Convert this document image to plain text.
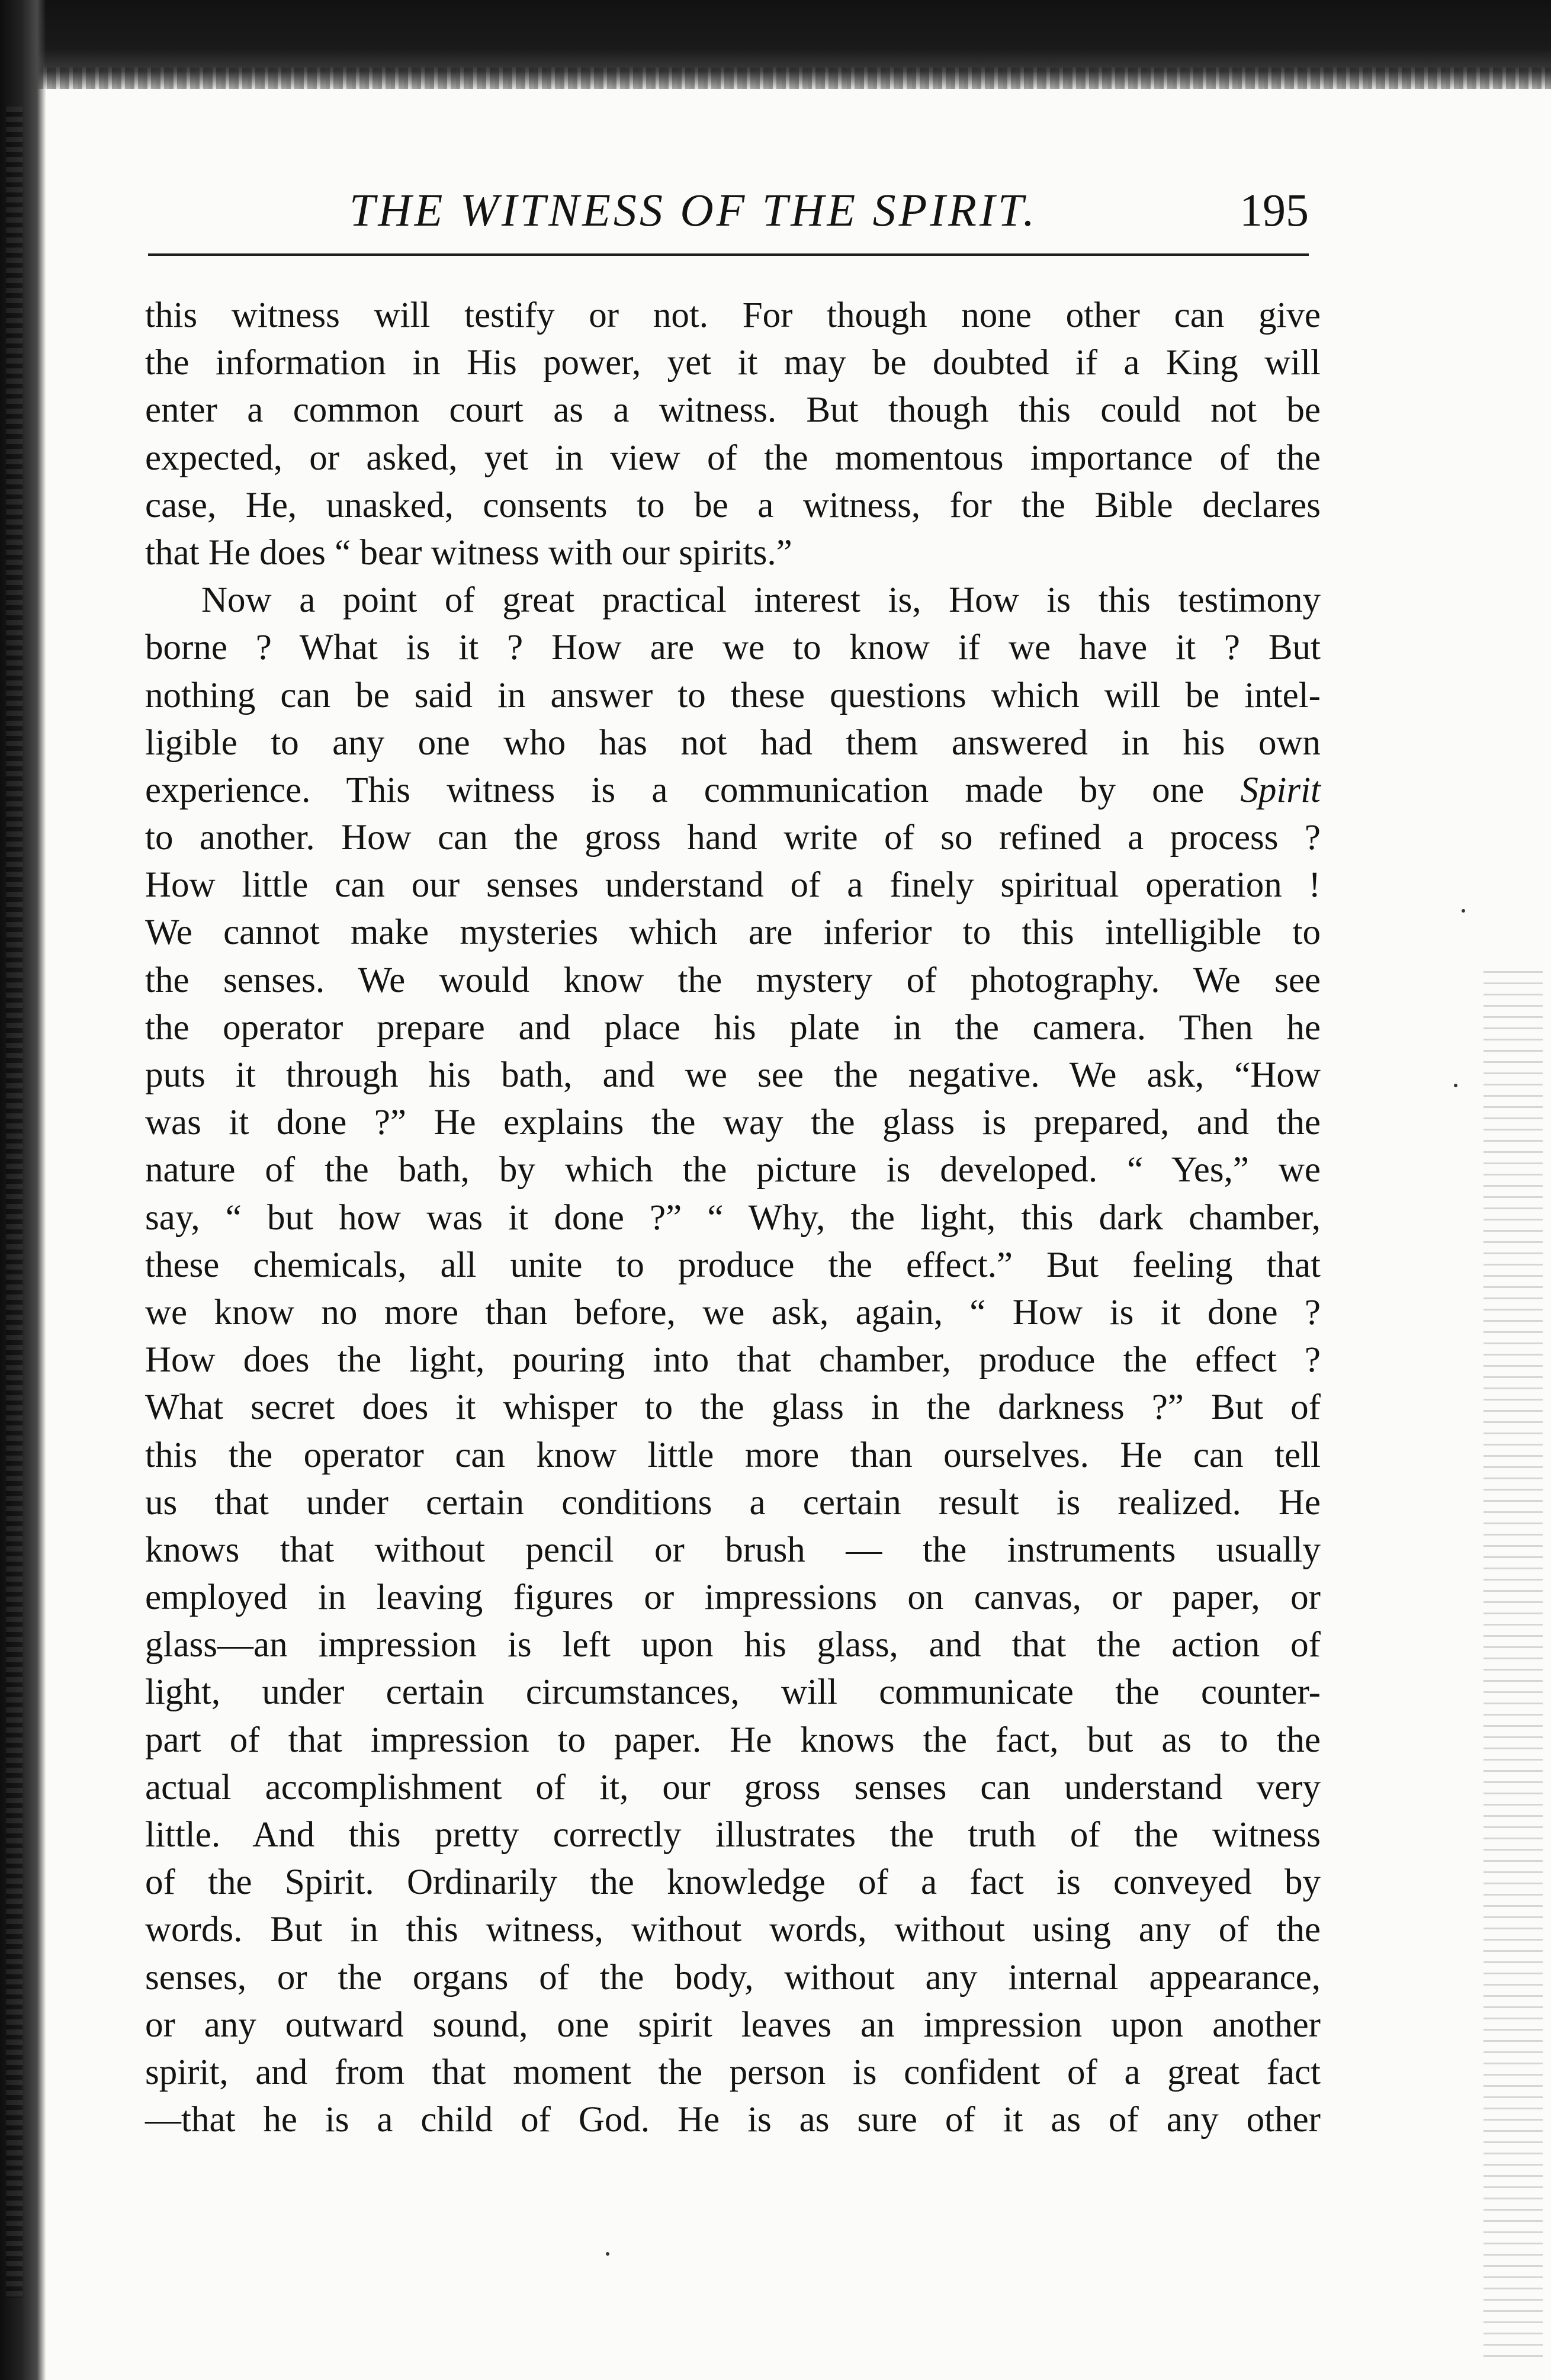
THE WITNESS OF THE SPIRIT.	195
this witness will testify or not. For though none other can give
the information in His power, yet it may be doubted if a King will
enter a common court as a witness. But though this could not be
expected, or asked, yet in view of the momentous importance of the
case, He, unasked, consents to be a witness, for the Bible declares
that He does “ bear witness with our spirits.”
Now a point of great practical interest is, How is this testimony
borne ? What is it ? How are we to know if we have it ? But
nothing can be said in answer to these questions which will be intel-
ligible to any one who has not had them answered in his own
experience. This witness is a communication made by one Spirit
to another. How can the gross hand write of so refined a process ?
How little can our senses understand of a finely spiritual operation !
We cannot make mysteries which are inferior to this intelligible to
the senses. We would know the mystery of photography. We see
the operator prepare and place his plate in the camera. Then he
puts it through his bath, and we see the negative. We ask, “How
was it done ?” He explains the way the glass is prepared, and the
nature of the bath, by which the picture is developed. “ Yes,” we
say, “ but how was it done ?” “ Why, the light, this dark chamber,
these chemicals, all unite to produce the effect.” But feeling that
we know no more than before, we ask, again, “ How is it done ?
How does the light, pouring into that chamber, produce the effect ?
What secret does it whisper to the glass in the darkness ?” But of
this the operator can know little more than ourselves. He can tell
us that under certain conditions a certain result is realized. He
knows that without pencil or brush — the instruments usually
employed in leaving figures or impressions on canvas, or paper, or
glass—an impression is left upon his glass, and that the action of
light, under certain circumstances, will communicate the counter-
part of that impression to paper. He knows the fact, but as to the
actual accomplishment of it, our gross senses can understand very
little. And this pretty correctly illustrates the truth of the witness
of the Spirit. Ordinarily the knowledge of a fact is conveyed by
words. But in this witness, without words, without using any of the
senses, or the organs of the body, without any internal appearance,
or any outward sound, one spirit leaves an impression upon another
spirit, and from that moment the person is confident of a great fact
—that he is a child of God. He is as sure of it as of any other
